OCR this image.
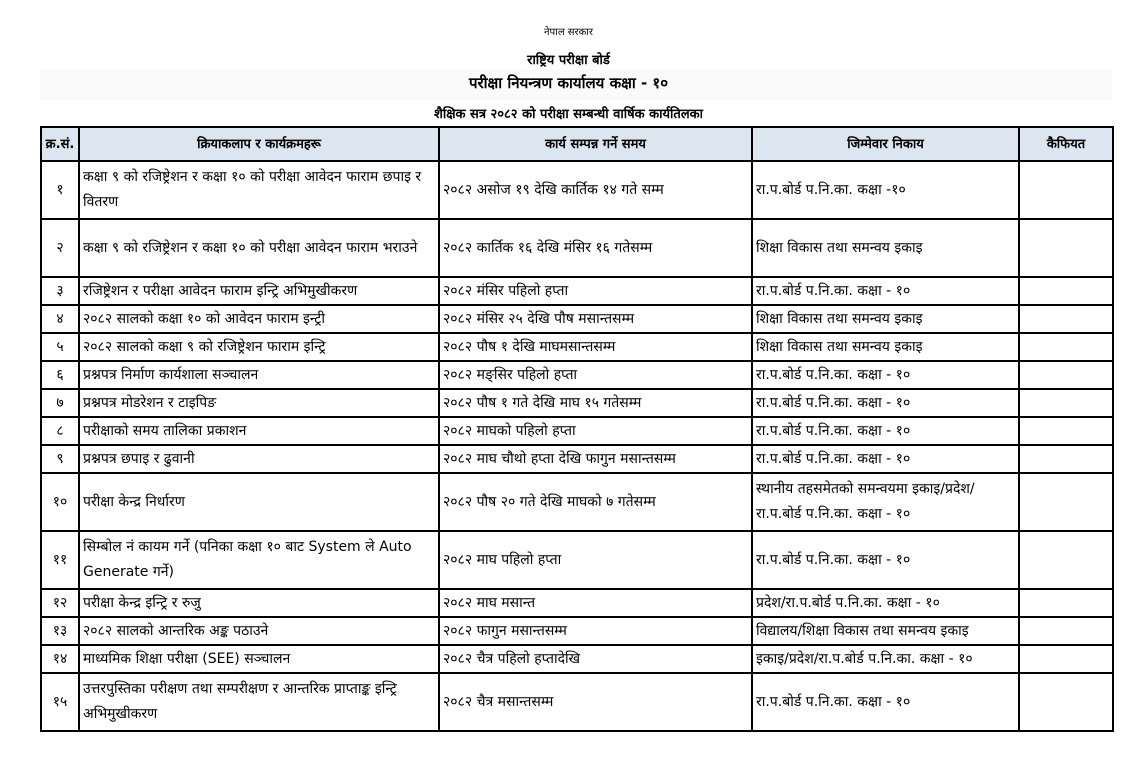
नेपाल सरकार
राष्ट्रिय परीक्षा बोर्ड
परीक्षा नियन्त्रण कार्यालय कक्षा - १०
शैक्षिक सत्र २०८२ को परीक्षा सम्बन्धी वार्षिक कार्यतिलका
क्र.सं.	क्रियाकलाप र कार्यक्रमहरू	कार्य सम्पन्न गर्ने समय	जिम्मेवार निकाय	कैफियत
१	कक्षा ९ को रजिष्ट्रेशन र कक्षा १० को परीक्षा आवेदन फाराम छपाइ र वितरण	२०८२ असोज १९ देखि कार्तिक १४ गते सम्म	रा.प.बोर्ड प.नि.का. कक्षा -१०	
२	कक्षा ९ को रजिष्ट्रेशन र कक्षा १० को परीक्षा आवेदन फाराम भराउने	२०८२ कार्तिक १६ देखि मंसिर १६ गतेसम्म	शिक्षा विकास तथा समन्वय इकाइ	
३	रजिष्ट्रेशन र परीक्षा आवेदन फाराम इन्ट्रि अभिमुखीकरण	२०८२ मंसिर पहिलो हप्ता	रा.प.बोर्ड प.नि.का. कक्षा - १०	
४	२०८२ सालको कक्षा १० को आवेदन फाराम इन्ट्री	२०८२ मंसिर २५ देखि पौष मसान्तसम्म	शिक्षा विकास तथा समन्वय इकाइ	
५	२०८२ सालको कक्षा ९ को रजिष्ट्रेशन फाराम इन्ट्रि	२०८२ पौष १ देखि माघमसान्तसम्म	शिक्षा विकास तथा समन्वय इकाइ	
६	प्रश्नपत्र निर्माण कार्यशाला सञ्चालन	२०८२ मङ्सिर पहिलो हप्ता	रा.प.बोर्ड प.नि.का. कक्षा - १०	
७	प्रश्नपत्र मोडरेशन र टाइपिङ	२०८२ पौष १ गते देखि माघ १५ गतेसम्म	रा.प.बोर्ड प.नि.का. कक्षा - १०	
८	परीक्षाको समय तालिका प्रकाशन	२०८२ माघको पहिलो हप्ता	रा.प.बोर्ड प.नि.का. कक्षा - १०	
९	प्रश्नपत्र छपाइ र ढुवानी	२०८२ माघ चौथो हप्ता देखि फागुन मसान्तसम्म	रा.प.बोर्ड प.नि.का. कक्षा - १०	
१०	परीक्षा केन्द्र निर्धारण	२०८२ पौष २० गते देखि माघको ७ गतेसम्म	स्थानीय तहसमेतको समन्वयमा इकाइ/प्रदेश/रा.प.बोर्ड प.नि.का. कक्षा - १०	
११	सिम्बोल नं कायम गर्ने (पनिका कक्षा १० बाट System ले Auto Generate गर्ने)	२०८२ माघ पहिलो हप्ता	रा.प.बोर्ड प.नि.का. कक्षा - १०	
१२	परीक्षा केन्द्र इन्ट्रि र रुजु	२०८२ माघ मसान्त	प्रदेश/रा.प.बोर्ड प.नि.का. कक्षा - १०	
१३	२०८२ सालको आन्तरिक अङ्क पठाउने	२०८२ फागुन मसान्तसम्म	विद्यालय/शिक्षा विकास तथा समन्वय इकाइ	
१४	माध्यमिक शिक्षा परीक्षा (SEE) सञ्चालन	२०८२ चैत्र पहिलो हप्तादेखि	इकाइ/प्रदेश/रा.प.बोर्ड प.नि.का. कक्षा - १०	
१५	उत्तरपुस्तिका परीक्षण तथा सम्परीक्षण र आन्तरिक प्राप्ताङ्क इन्ट्रि अभिमुखीकरण	२०८२ चैत्र मसान्तसम्म	रा.प.बोर्ड प.नि.का. कक्षा - १०	
